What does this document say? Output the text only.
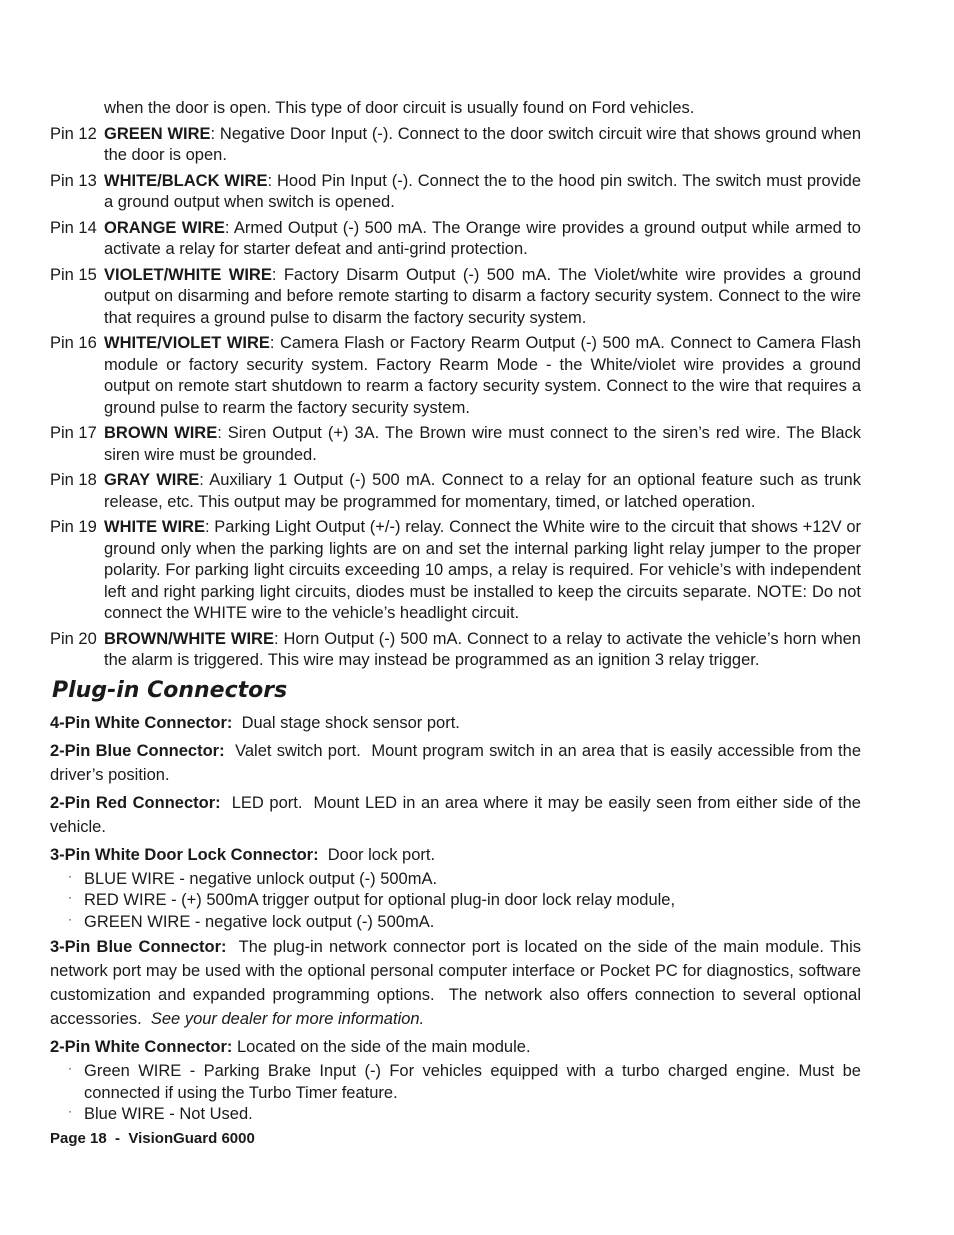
when the door is open. This type of door circuit is usually found on Ford vehicles.
Pin 12 GREEN WIRE: Negative Door Input (-). Connect to the door switch circuit wire that shows ground when the door is open.
Pin 13 WHITE/BLACK WIRE: Hood Pin Input (-). Connect the to the hood pin switch. The switch must provide a ground output when switch is opened.
Pin 14 ORANGE WIRE: Armed Output (-) 500 mA. The Orange wire provides a ground output while armed to activate a relay for starter defeat and anti-grind protection.
Pin 15 VIOLET/WHITE WIRE: Factory Disarm Output (-) 500 mA. The Violet/white wire provides a ground output on disarming and before remote starting to disarm a factory security system. Connect to the wire that requires a ground pulse to disarm the factory security system.
Pin 16 WHITE/VIOLET WIRE: Camera Flash or Factory Rearm Output (-) 500 mA. Connect to Camera Flash module or factory security system. Factory Rearm Mode - the White/violet wire provides a ground output on remote start shutdown to rearm a factory security system. Connect to the wire that requires a ground pulse to rearm the factory security system.
Pin 17 BROWN WIRE: Siren Output (+) 3A. The Brown wire must connect to the siren’s red wire. The Black siren wire must be grounded.
Pin 18 GRAY WIRE: Auxiliary 1 Output (-) 500 mA. Connect to a relay for an optional feature such as trunk release, etc. This output may be programmed for momentary, timed, or latched operation.
Pin 19 WHITE WIRE: Parking Light Output (+/-) relay. Connect the White wire to the circuit that shows +12V or ground only when the parking lights are on and set the internal parking light relay jumper to the proper polarity. For parking light circuits exceeding 10 amps, a relay is required. For vehicle’s with independent left and right parking light circuits, diodes must be installed to keep the circuits separate. NOTE: Do not connect the WHITE wire to the vehicle’s headlight circuit.
Pin 20 BROWN/WHITE WIRE: Horn Output (-) 500 mA. Connect to a relay to activate the vehicle’s horn when the alarm is triggered. This wire may instead be programmed as an ignition 3 relay trigger.
Plug-in Connectors
4-Pin White Connector:  Dual stage shock sensor port.
2-Pin Blue Connector:  Valet switch port.  Mount program switch in an area that is easily accessible from the driver’s position.
2-Pin Red Connector:  LED port.  Mount LED in an area where it may be easily seen from either side of the vehicle.
3-Pin White Door Lock Connector:  Door lock port.
· BLUE WIRE - negative unlock output (-) 500mA.
· RED WIRE - (+) 500mA trigger output for optional plug-in door lock relay module,
· GREEN WIRE - negative lock output (-) 500mA.
3-Pin Blue Connector:  The plug-in network connector port is located on the side of the main module. This network port may be used with the optional personal computer interface or Pocket PC for diagnostics, software customization and expanded programming options.  The network also offers connection to several optional accessories.  See your dealer for more information.
2-Pin White Connector: Located on the side of the main module.
· Green WIRE - Parking Brake Input (-) For vehicles equipped with a turbo charged engine. Must be connected if using the Turbo Timer feature.
· Blue WIRE - Not Used.
Page 18  -  VisionGuard 6000
